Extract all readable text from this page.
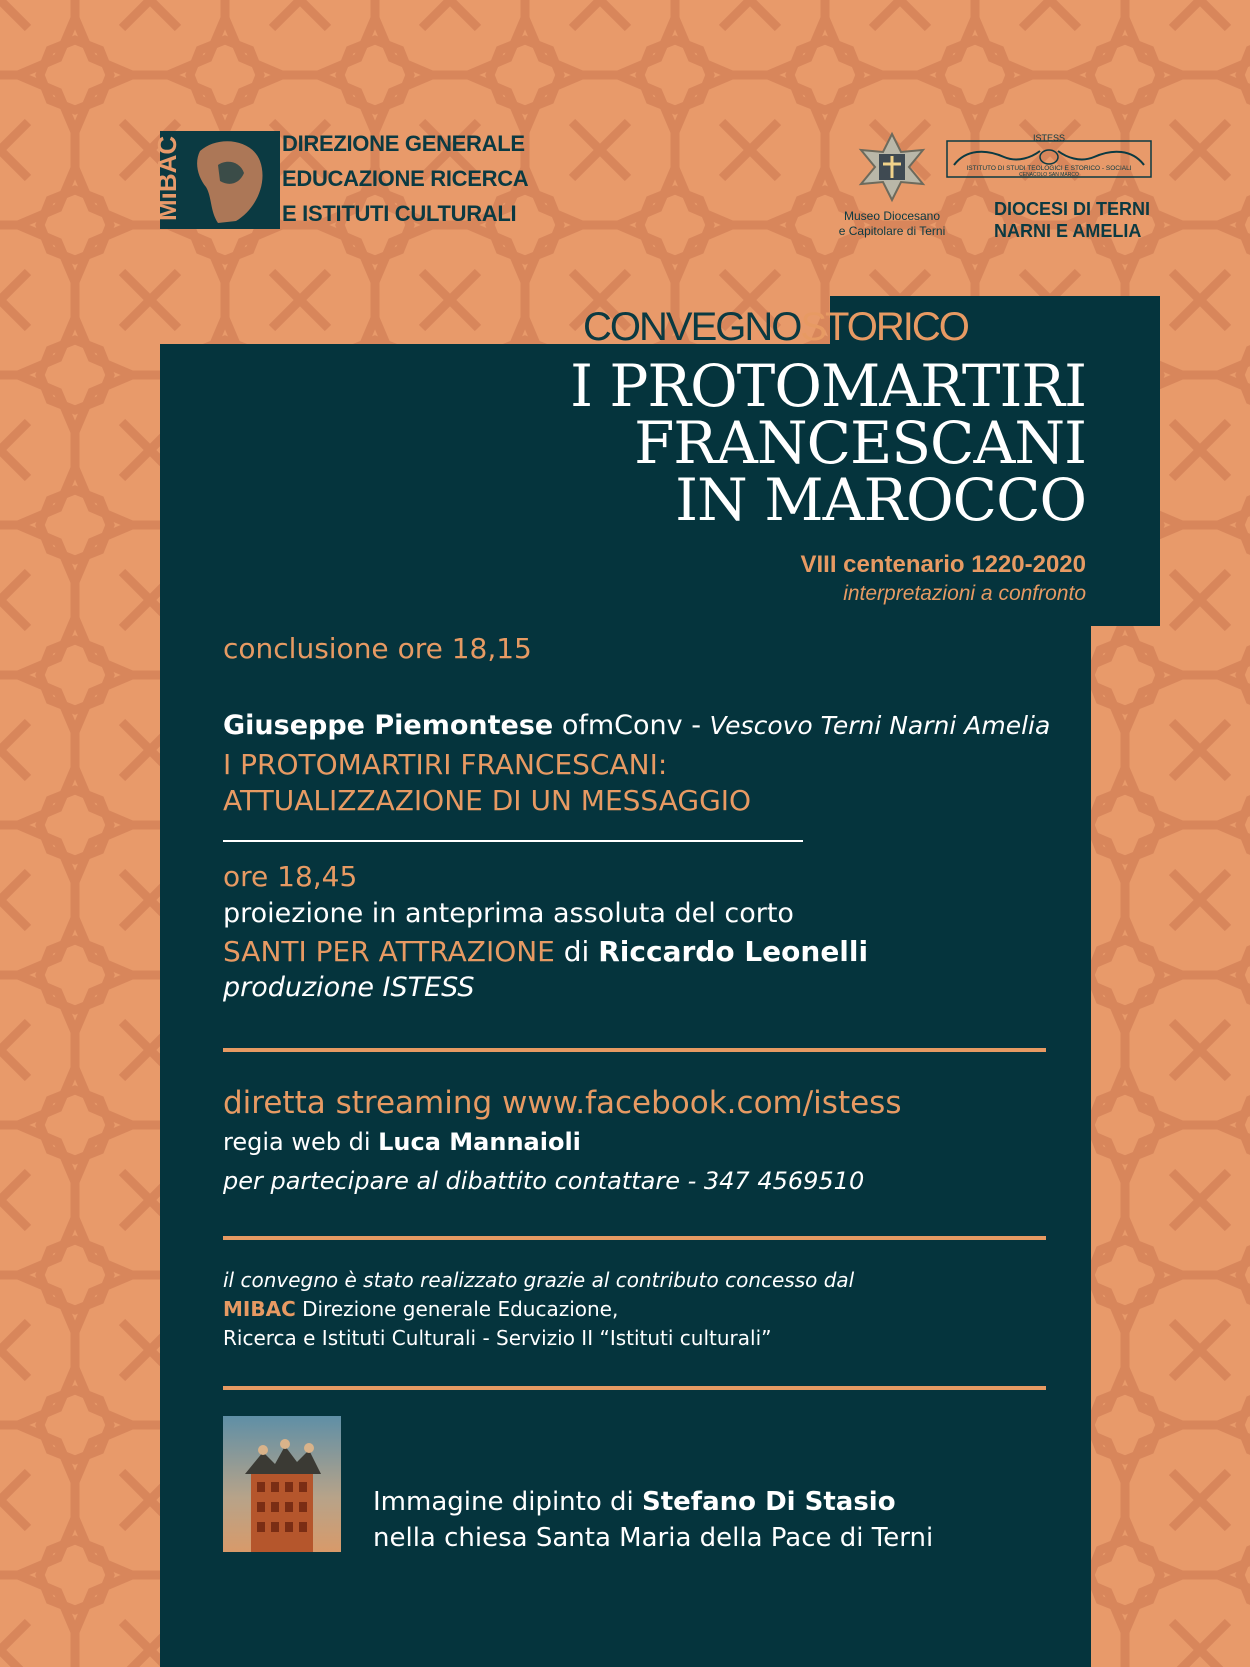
MiBAC	DIREZIONE GENERALE
EDUCAZIONE RICERCA
E ISTITUTI CULTURALI	Museo Diocesano
e Capitolare di Terni
ISTESS
ISTITUTO DI STUDI TEOLOGICI E STORICO - SOCIALI
CENACOLO SAN MARCO
DIOCESI DI TERNI
NARNI E AMELIA
CONVEGNOSTORICO
I PROTOMARTIRI
FRANCESCANI
IN MAROCCO
VIII centenario 1220-2020
interpretazioni a confronto

conclusione ore 18,15

Giuseppe Piemontese ofmConv - Vescovo Terni Narni Amelia

I PROTOMARTIRI FRANCESCANI:

ATTUALIZZAZIONE DI UN MESSAGGIO

ore 18,45

proiezione in anteprima assoluta del corto

SANTI PER ATTRAZIONE di Riccardo Leonelli

produzione ISTESS

diretta streaming www.facebook.com/istess

regia web di Luca Mannaioli

per partecipare al dibattito contattare - 347 4569510

il convegno è stato realizzato grazie al contributo concesso dal

MIBAC Direzione generale Educazione,

Ricerca e Istituti Culturali - Servizio II “Istituti culturali”

Immagine dipinto di Stefano Di Stasio

nella chiesa Santa Maria della Pace di Terni
